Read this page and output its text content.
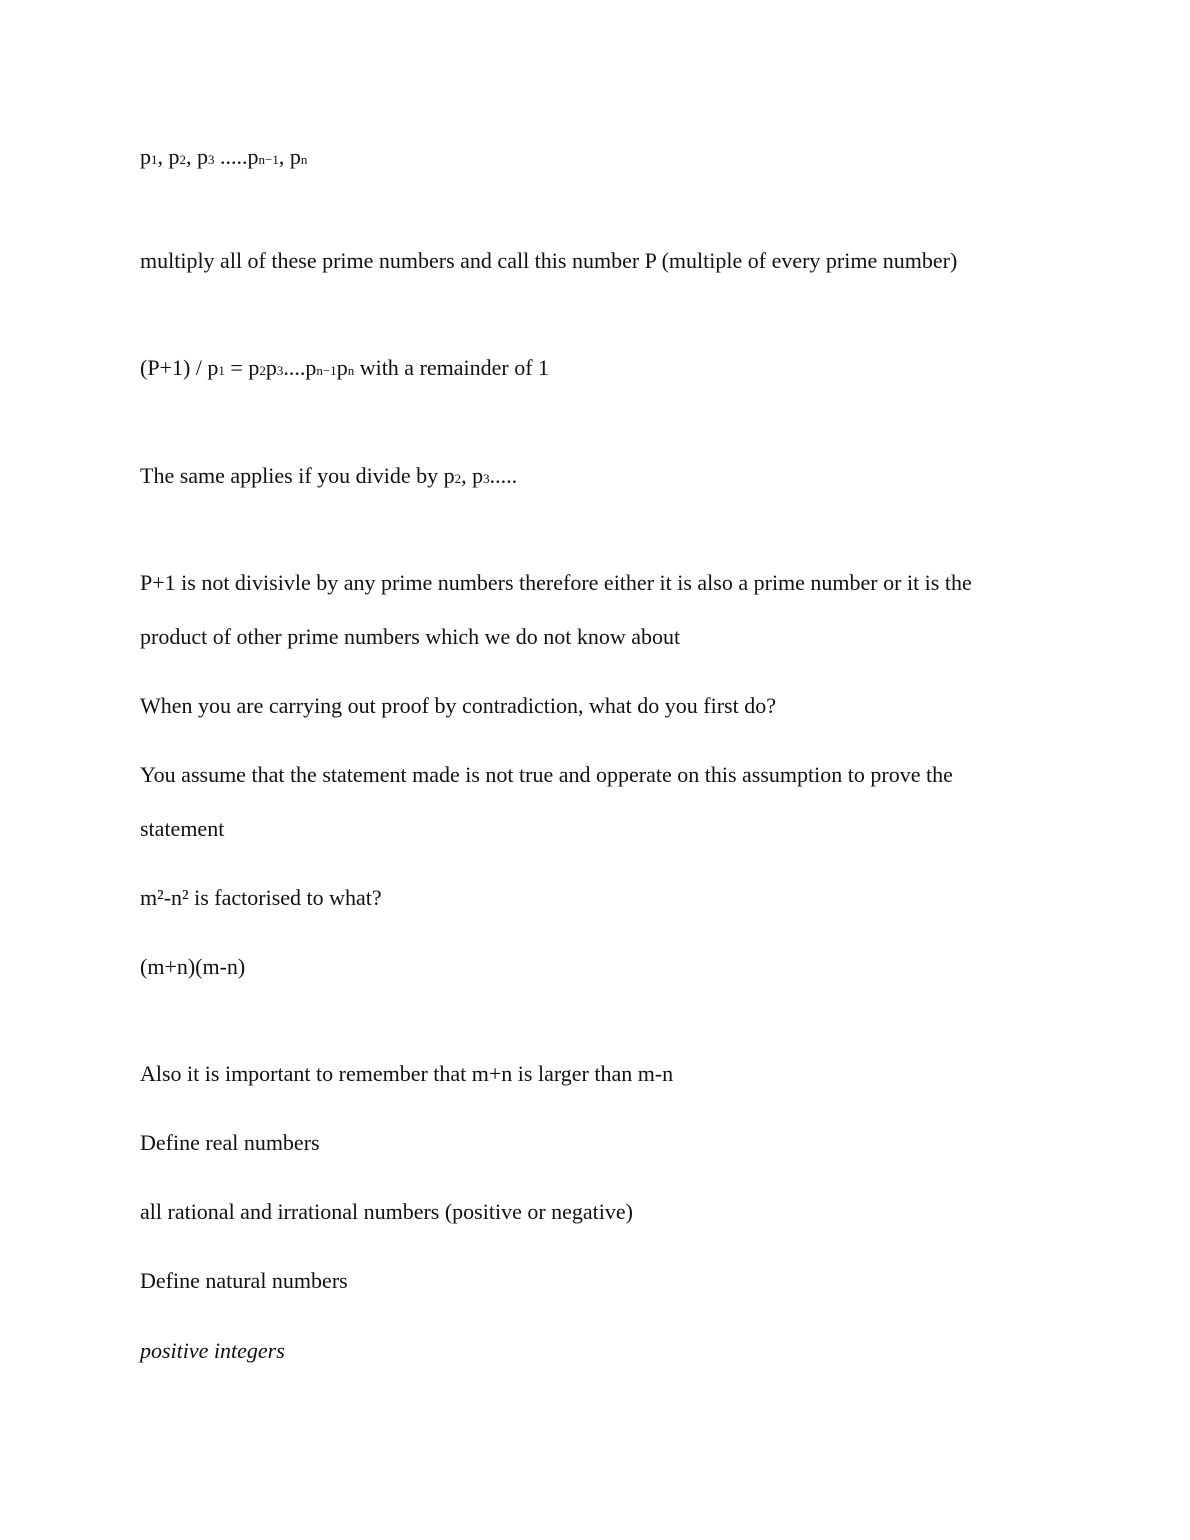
p1, p2, p3 .....pn−1, pn
multiply all of these prime numbers and call this number P (multiple of every prime number)
(P+1) / p1 = p2p3....pn−1pn with a remainder of 1
The same applies if you divide by p2, p3.....
P+1 is not divisivle by any prime numbers therefore either it is also a prime number or it is the
product of other prime numbers which we do not know about
When you are carrying out proof by contradiction, what do you first do?
You assume that the statement made is not true and opperate on this assumption to prove the
statement
m²-n² is factorised to what?
(m+n)(m-n)
Also it is important to remember that m+n is larger than m-n
Define real numbers
all rational and irrational numbers (positive or negative)
Define natural numbers
positive integers
